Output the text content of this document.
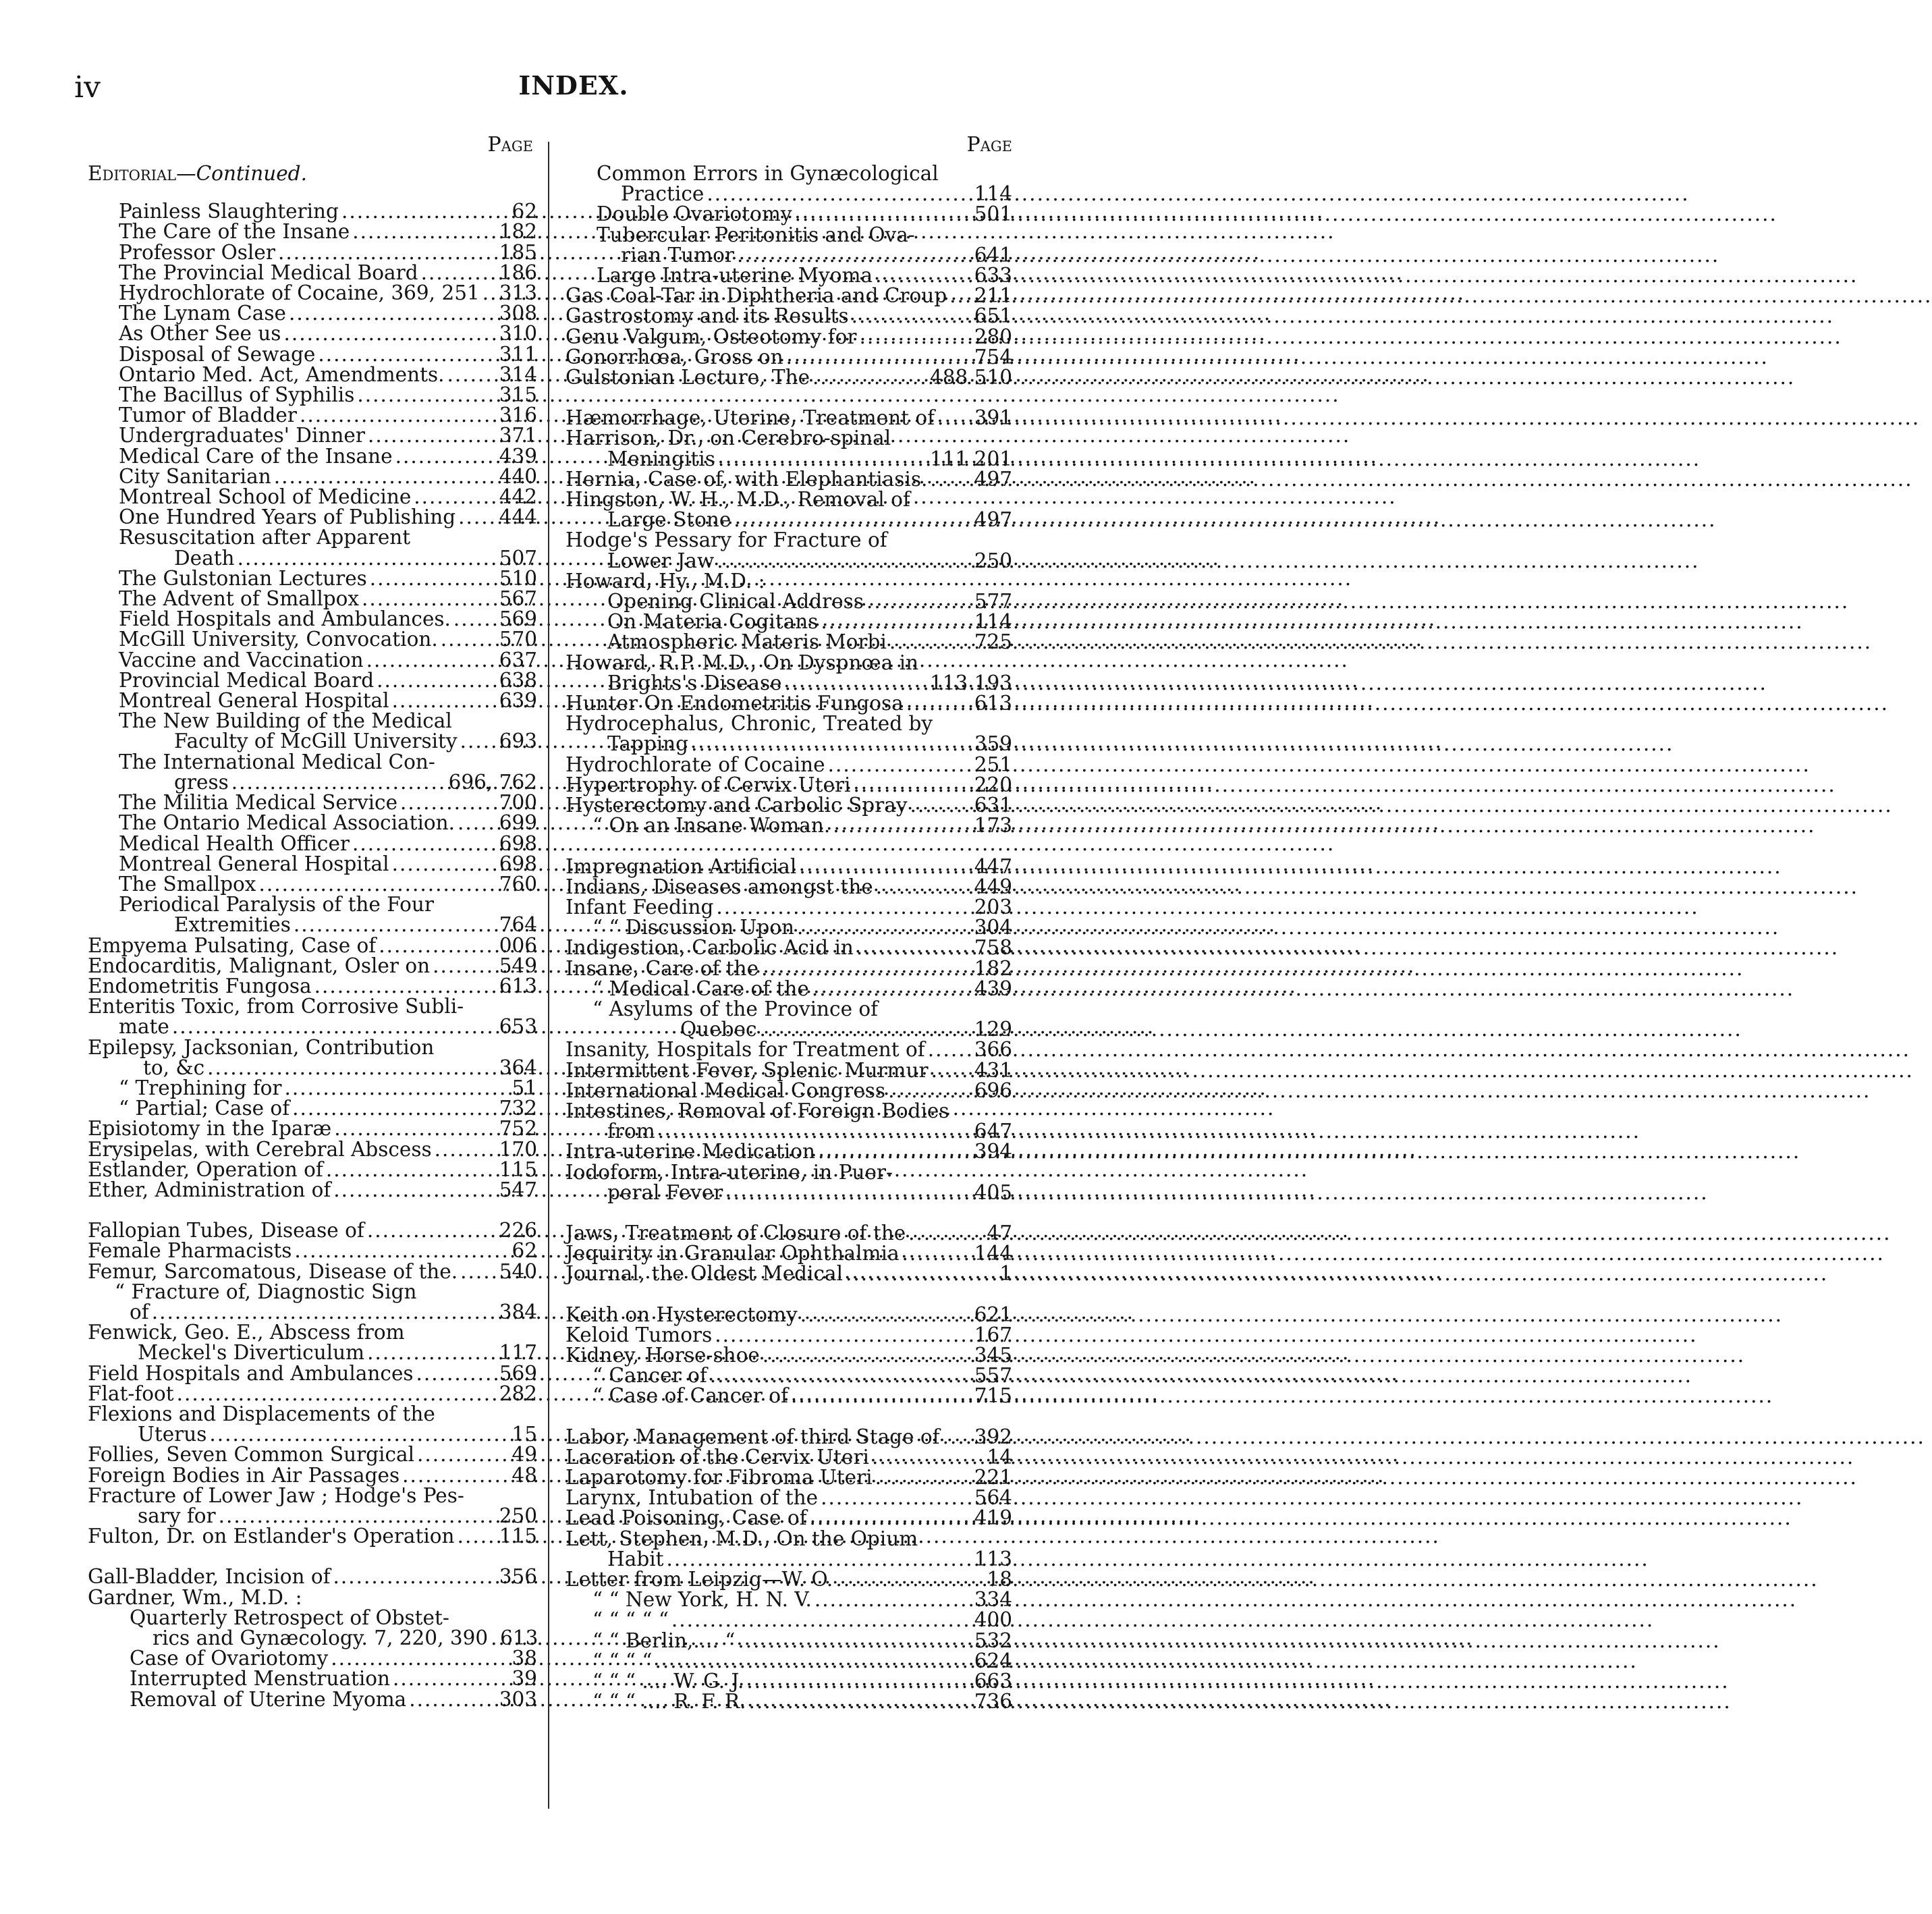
iv	INDEX.
Page
Editorial—Continued.
Painless Slaughtering .....	62
The Care of the Insane .....	182
Professor Osler .....	185
The Provincial Medical Board .....	186
Hydrochlorate of Cocaine, 369, 251 ..... 313
The Lynam Case .....	308
As Other See us .....	310
Disposal of Sewage .....	311
Ontario Med. Act, Amendments. .....	314
The Bacillus of Syphilis .....	315
Tumor of Bladder .....	316
Undergraduates' Dinner .....	371
Medical Care of the Insane .....	439
City Sanitarian .....	440
Montreal School of Medicine .....	442
One Hundred Years of Publishing ..... 444
Resuscitation after Apparent
Death .....	507
The Gulstonian Lectures .....	510
The Advent of Smallpox .....	567
Field Hospitals and Ambulances. ..... 569
McGill University, Convocation. .....	570
Vaccine and Vaccination .....	637
Provincial Medical Board .....	638
Montreal General Hospital .....	639
The New Building of the Medical
Faculty of McGill University ..... 693
The International Medical Con-
gress .....	696, 762
The Militia Medical Service .....	700
The Ontario Medical Association. ..... 699
Medical Health Officer .....	698
Montreal General Hospital .....	698
The Smallpox .....	760
Periodical Paralysis of the Four
Extremities .....	764
Empyema Pulsating, Case of .....	006
Endocarditis, Malignant, Osler on .....	549
Endometritis Fungosa .....	613
Enteritis Toxic, from Corrosive Subli-
mate .....	653
Epilepsy, Jacksonian, Contribution
to, &c .....	364
“ Trephining for .....	51
“ Partial; Case of .....	732
Episiotomy in the Iparæ .....	752
Erysipelas, with Cerebral Abscess .....	170
Estlander, Operation of .....	115
Ether, Administration of .....	547
Fallopian Tubes, Disease of .....	226
Female Pharmacists .....	62
Femur, Sarcomatous, Disease of the. ..... 540
“ Fracture of, Diagnostic Sign
of .....	384
Fenwick, Geo. E., Abscess from
Meckel's Diverticulum .....	117
Field Hospitals and Ambulances .....	569
Flat-foot .....	282
Flexions and Displacements of the
Uterus .....	15
Follies, Seven Common Surgical .....	49
Foreign Bodies in Air Passages .....	48
Fracture of Lower Jaw ; Hodge's Pes-
sary for .....	250
Fulton, Dr. on Estlander's Operation ..... 115
Gall-Bladder, Incision of .....	356
Gardner, Wm., M.D. :
Quarterly Retrospect of Obstet-
rics and Gynæcology. 7, 220, 390 ..... 613
Case of Ovariotomy .....	38
Interrupted Menstruation .....	39
Removal of Uterine Myoma .....	303
Page
Common Errors in Gynæcological
Practice .....	114
Double Ovariotomy .....	501
Tubercular Peritonitis and Ova-
rian Tumor .....	641
Large Intra-uterine Myoma .....	633
Gas Coal-Tar in Diphtheria and Croup ..... 211
Gastrostomy and its Results .....	651
Genu Valgum, Osteotomy for .....	280
Gonorrhœa, Gross on .....	754
Gulstonian Lecture, The .....	488 510
Hæmorrhage, Uterine, Treatment of ..... 391
Harrison, Dr., on Cerebro-spinal
Meningitis .....	111 201
Hernia, Case of, with Elephantiasis. ..... 497
Hingston, W. H., M.D., Removal of
Large Stone .....	497
Hodge's Pessary for Fracture of
Lower Jaw .....	250
Howard, Hy., M.D. :
Opening Clinical Address .....	577
On Materia Cogitans .....	114
Atmospheric Materis Morbi .....	725
Howard, R.P. M.D., On Dyspnœa in
Brights's Disease .....	113 193
Hunter On Endometritis Fungosa .....	613
Hydrocephalus, Chronic, Treated by
Tapping .....	359
Hydrochlorate of Cocaine .....	251
Hypertrophy of Cervix Uteri .....	220
Hysterectomy and Carbolic Spray .....	631
“ On an Insane Woman. .....	173
Impregnation Artificial .....	447
Indians, Diseases amongst the .....	449
Infant Feeding .....	203
“ “ Discussion Upon .....	304
Indigestion, Carbolic Acid in .....	758
Insane, Care of the .....	182
“ Medical Care of the .....	439
“ Asylums of the Province of
Quebec .....	129
Insanity, Hospitals for Treatment of ..... 366
Intermittent Fever, Splenic Murmur ..... 431
International Medical Congress .....	696
Intestines, Removal of Foreign Bodies
from .....	647
Intra-uterine Medication .....	394
Iodoform, Intra-uterine, in Puer-
peral Fever .....	405
Jaws, Treatment of Closure of the .....	47
Jequirity in Granular Ophthalmia .....	144
Journal, the Oldest Medical .....	1
Keith on Hysterectomy .....	621
Keloid Tumors .....	167
Kidney, Horse-shoe .....	345
“ Cancer of .....	557
“ Case of Cancer of .....	715
Labor, Management of third Stage of ..... 392
Laceration of the Cervix Uteri .....	14
Laparotomy for Fibroma Uteri .....	221
Larynx, Intubation of the .....	564
Lead Poisoning, Case of .....	419
Lett, Stephen, M.D., On the Opium
Habit .....	113
Letter from Leipzig—W. O. .....	18
“ “ New York, H. N. V. .....	334
“ “ “ “ “ .....	400
“ “ Berlin,.... “ .....	532
“ “ “ “ .....	624
“ “ “ .... W. G. J. .....	663
“ “ “ .... R. F. R. .....	736
